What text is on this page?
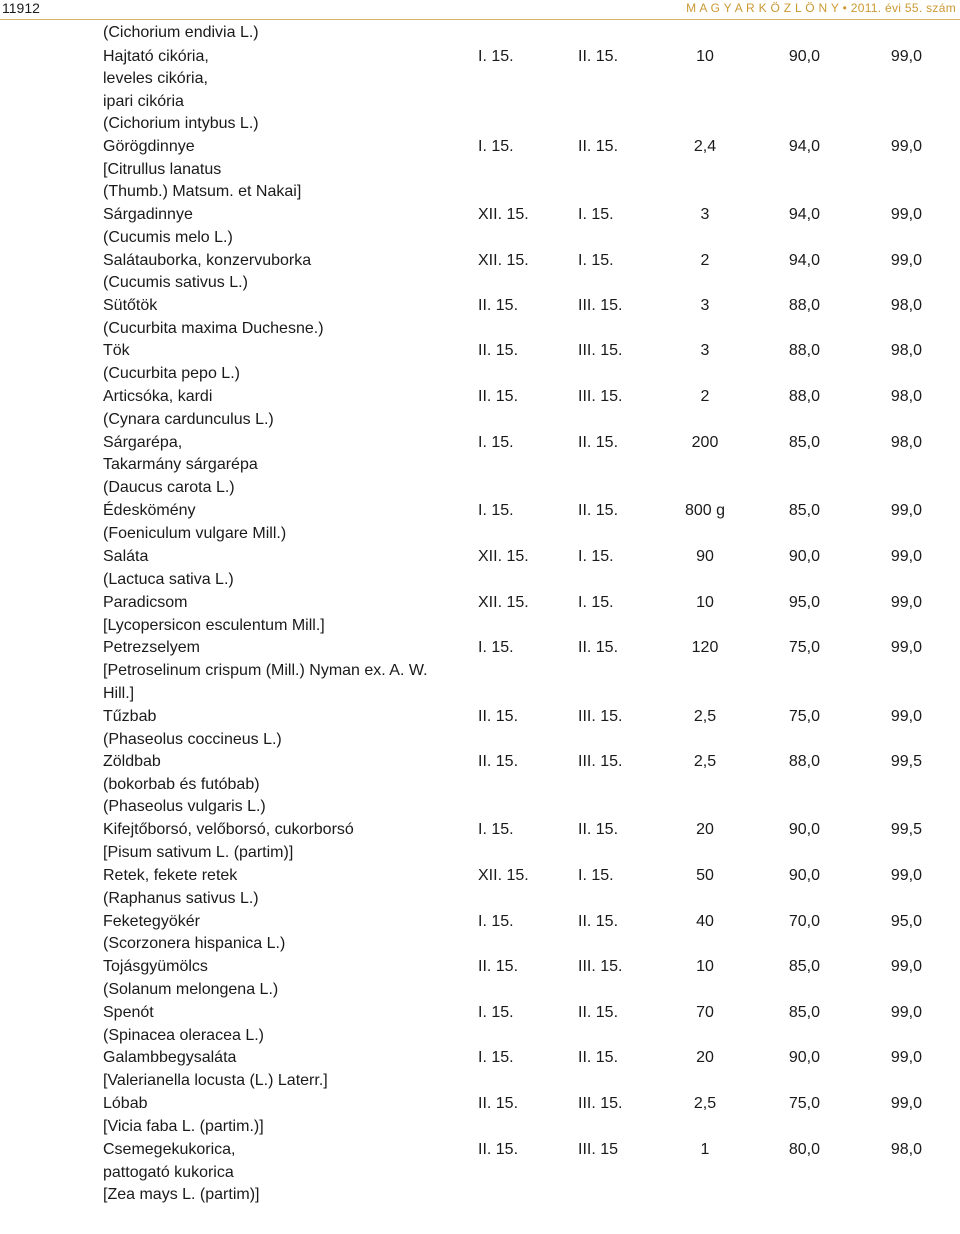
11912	M A G Y A R K Ö Z L Ö N Y • 2011. évi 55. szám
(Cichorium endivia L.)
Hajtató cikória,	I. 15.	II. 15.	10	90,0	99,0
leveles cikória,
ipari cikória
(Cichorium intybus L.)
Görögdinnye	I. 15.	II. 15.	2,4	94,0	99,0
[Citrullus lanatus
(Thumb.) Matsum. et Nakai]
Sárgadinnye	XII. 15.	I. 15.	3	94,0	99,0
(Cucumis melo L.)
Salátauborka, konzervuborka	XII. 15.	I. 15.	2	94,0	99,0
(Cucumis sativus L.)
Sütőtök	II. 15.	III. 15.	3	88,0	98,0
(Cucurbita maxima Duchesne.)
Tök	II. 15.	III. 15.	3	88,0	98,0
(Cucurbita pepo L.)
Articsóka, kardi	II. 15.	III. 15.	2	88,0	98,0
(Cynara cardunculus L.)
Sárgarépa,	I. 15.	II. 15.	200	85,0	98,0
Takarmány sárgarépa
(Daucus carota L.)
Édeskömény	I. 15.	II. 15.	800 g	85,0	99,0
(Foeniculum vulgare Mill.)
Saláta	XII. 15.	I. 15.	90	90,0	99,0
(Lactuca sativa L.)
Paradicsom	XII. 15.	I. 15.	10	95,0	99,0
[Lycopersicon esculentum Mill.]
Petrezselyem	I. 15.	II. 15.	120	75,0	99,0
[Petroselinum crispum (Mill.) Nyman ex. A. W.
Hill.]
Tűzbab	II. 15.	III. 15.	2,5	75,0	99,0
(Phaseolus coccineus L.)
Zöldbab	II. 15.	III. 15.	2,5	88,0	99,5
(bokorbab és futóbab)
(Phaseolus vulgaris L.)
Kifejtőborsó, velőborsó, cukorborsó	I. 15.	II. 15.	20	90,0	99,5
[Pisum sativum L. (partim)]
Retek, fekete retek	XII. 15.	I. 15.	50	90,0	99,0
(Raphanus sativus L.)
Feketegyökér	I. 15.	II. 15.	40	70,0	95,0
(Scorzonera hispanica L.)
Tojásgyümölcs	II. 15.	III. 15.	10	85,0	99,0
(Solanum melongena L.)
Spenót	I. 15.	II. 15.	70	85,0	99,0
(Spinacea oleracea L.)
Galambbegysaláta	I. 15.	II. 15.	20	90,0	99,0
[Valerianella locusta (L.) Laterr.]
Lóbab	II. 15.	III. 15.	2,5	75,0	99,0
[Vicia faba L. (partim.)]
Csemegekukorica,	II. 15.	III. 15	1	80,0	98,0
pattogató kukorica
[Zea mays L. (partim)]
